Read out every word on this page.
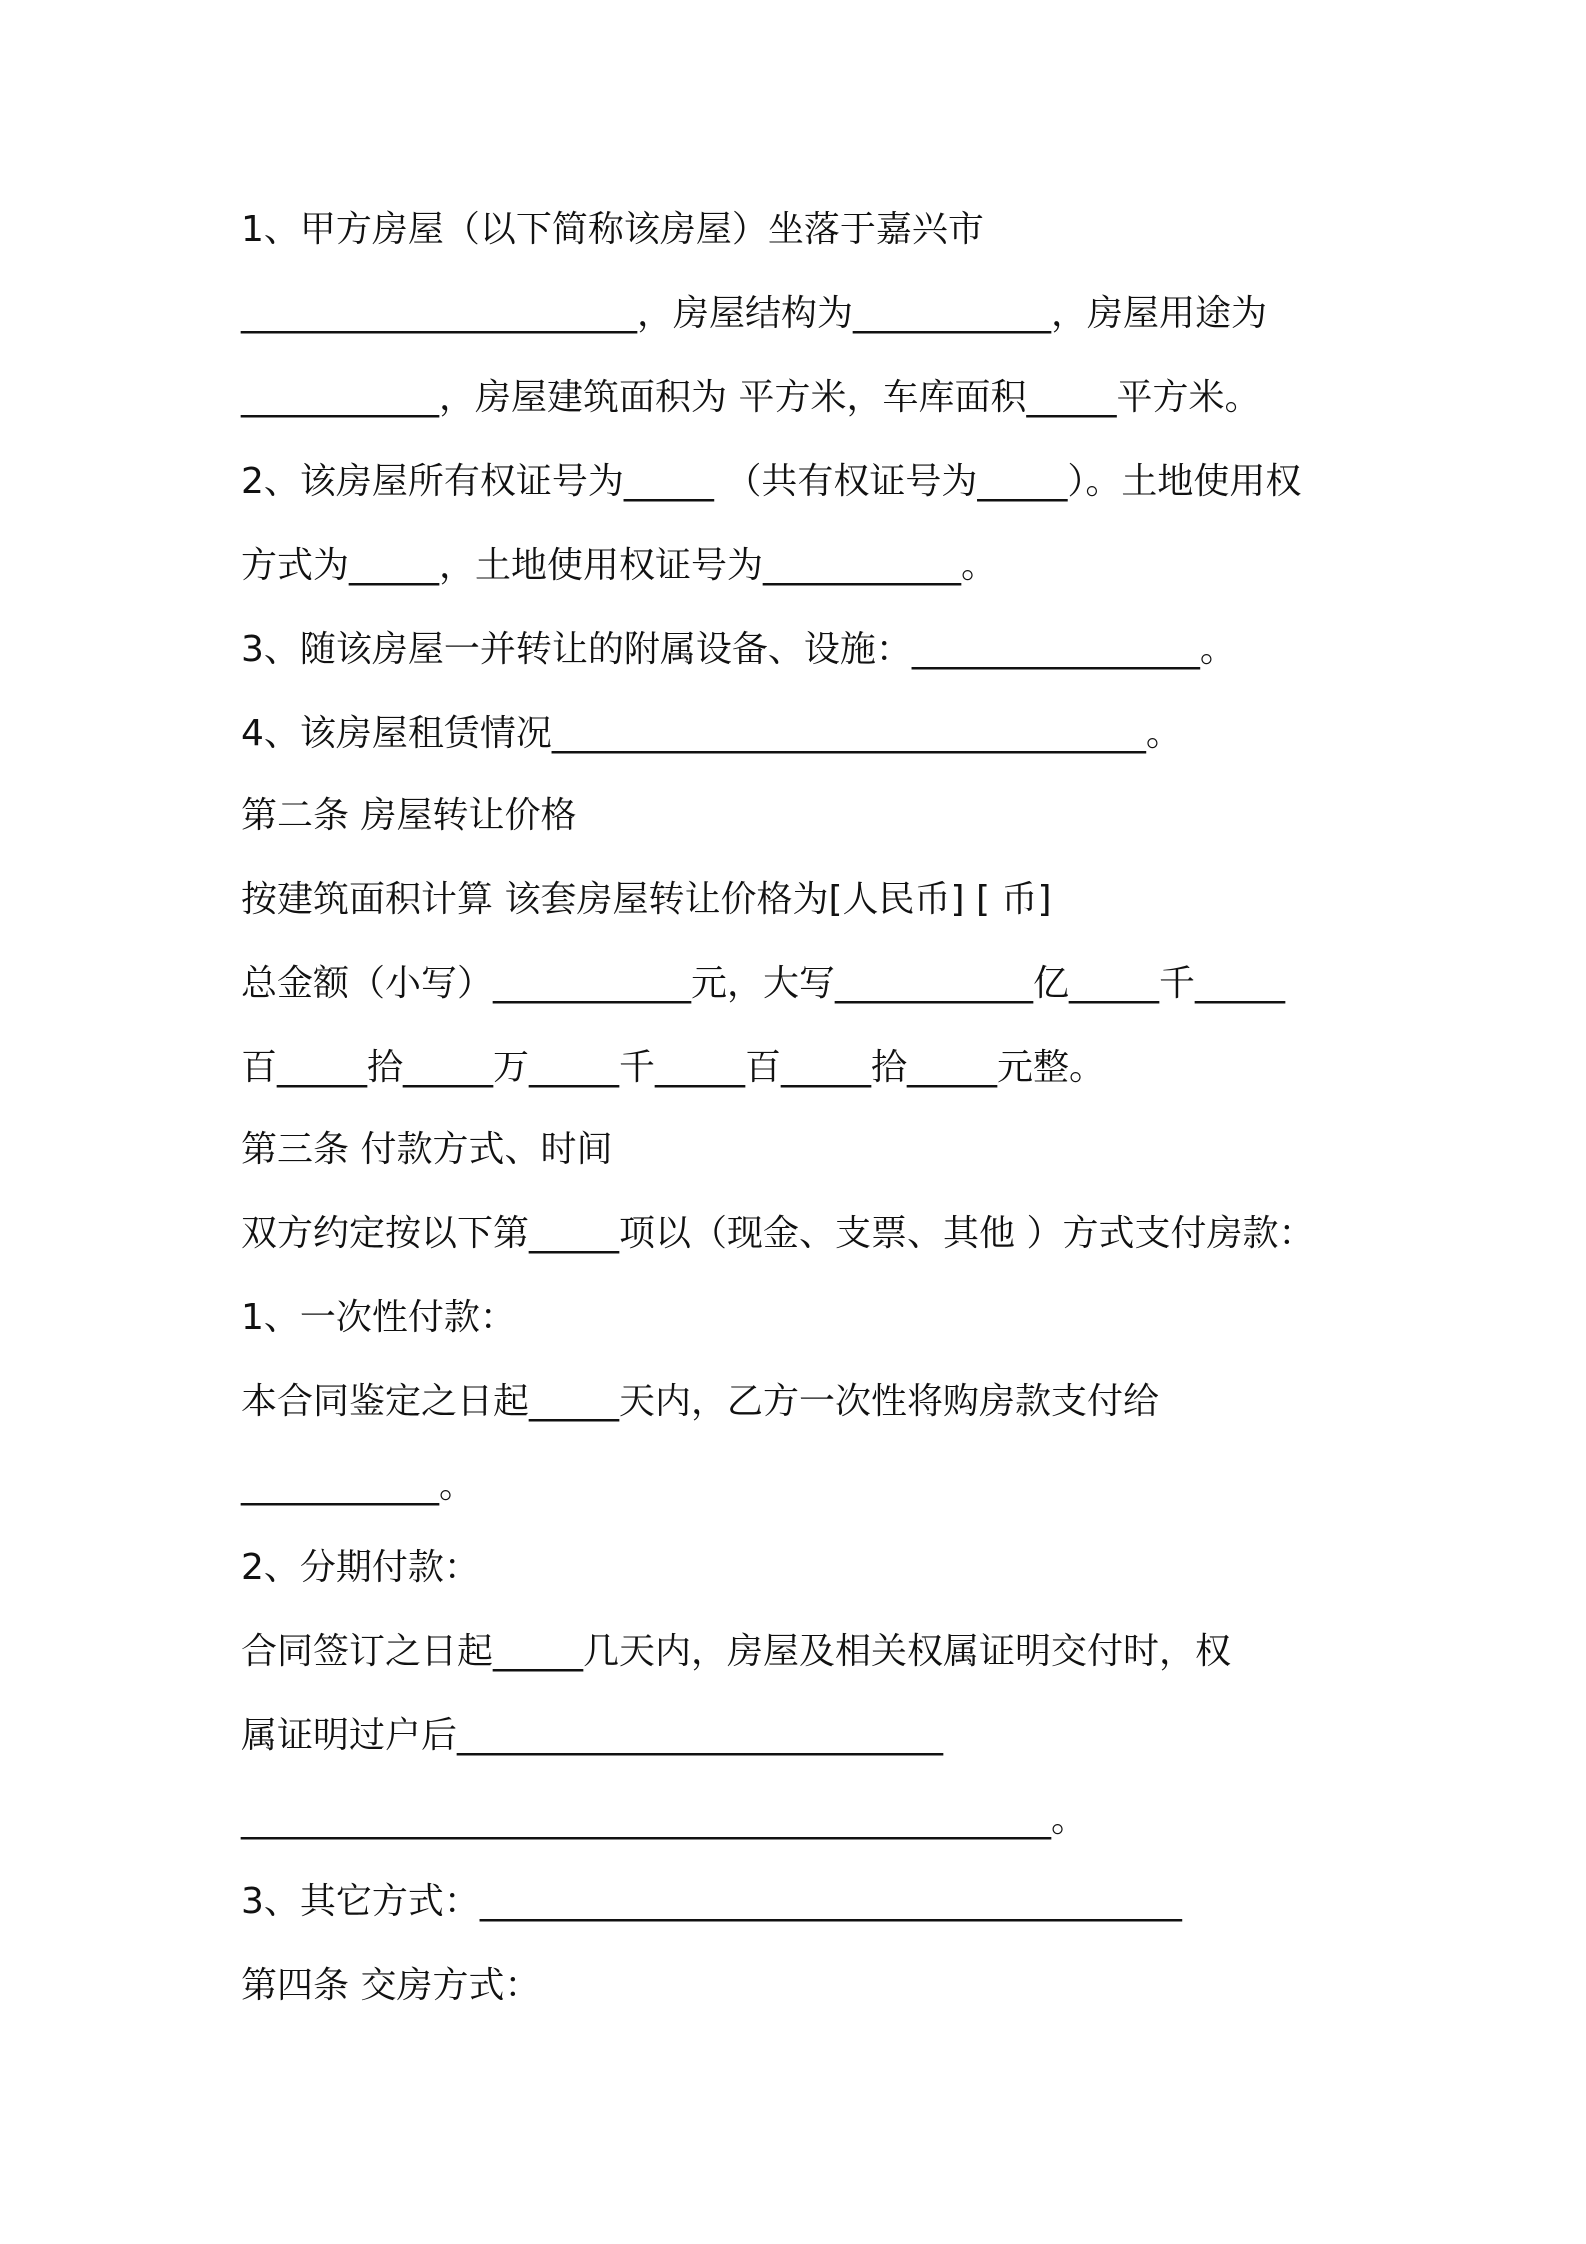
1、甲方房屋（以下简称该房屋）坐落于嘉兴市
______________________，房屋结构为___________，房屋用途为
___________，房屋建筑面积为 平方米，车库面积_____平方米。
2、该房屋所有权证号为_____ （共有权证号为_____）。土地使用权
方式为_____，土地使用权证号为___________。
3、随该房屋一并转让的附属设备、设施：________________。
4、该房屋租赁情况_________________________________。
第二条 房屋转让价格
按建筑面积计算 该套房屋转让价格为[人民币] [ 币]
总金额（小写）___________元，大写___________亿_____千_____
百_____拾_____万_____千_____百_____拾_____元整。
第三条 付款方式、时间
双方约定按以下第_____项以（现金、支票、其他 ）方式支付房款：
1、一次性付款：
本合同鉴定之日起_____天内，乙方一次性将购房款支付给
___________。
2、分期付款：
合同签订之日起_____几天内，房屋及相关权属证明交付时，权
属证明过户后___________________________
_____________________________________________。
3、其它方式：_______________________________________
第四条 交房方式：
